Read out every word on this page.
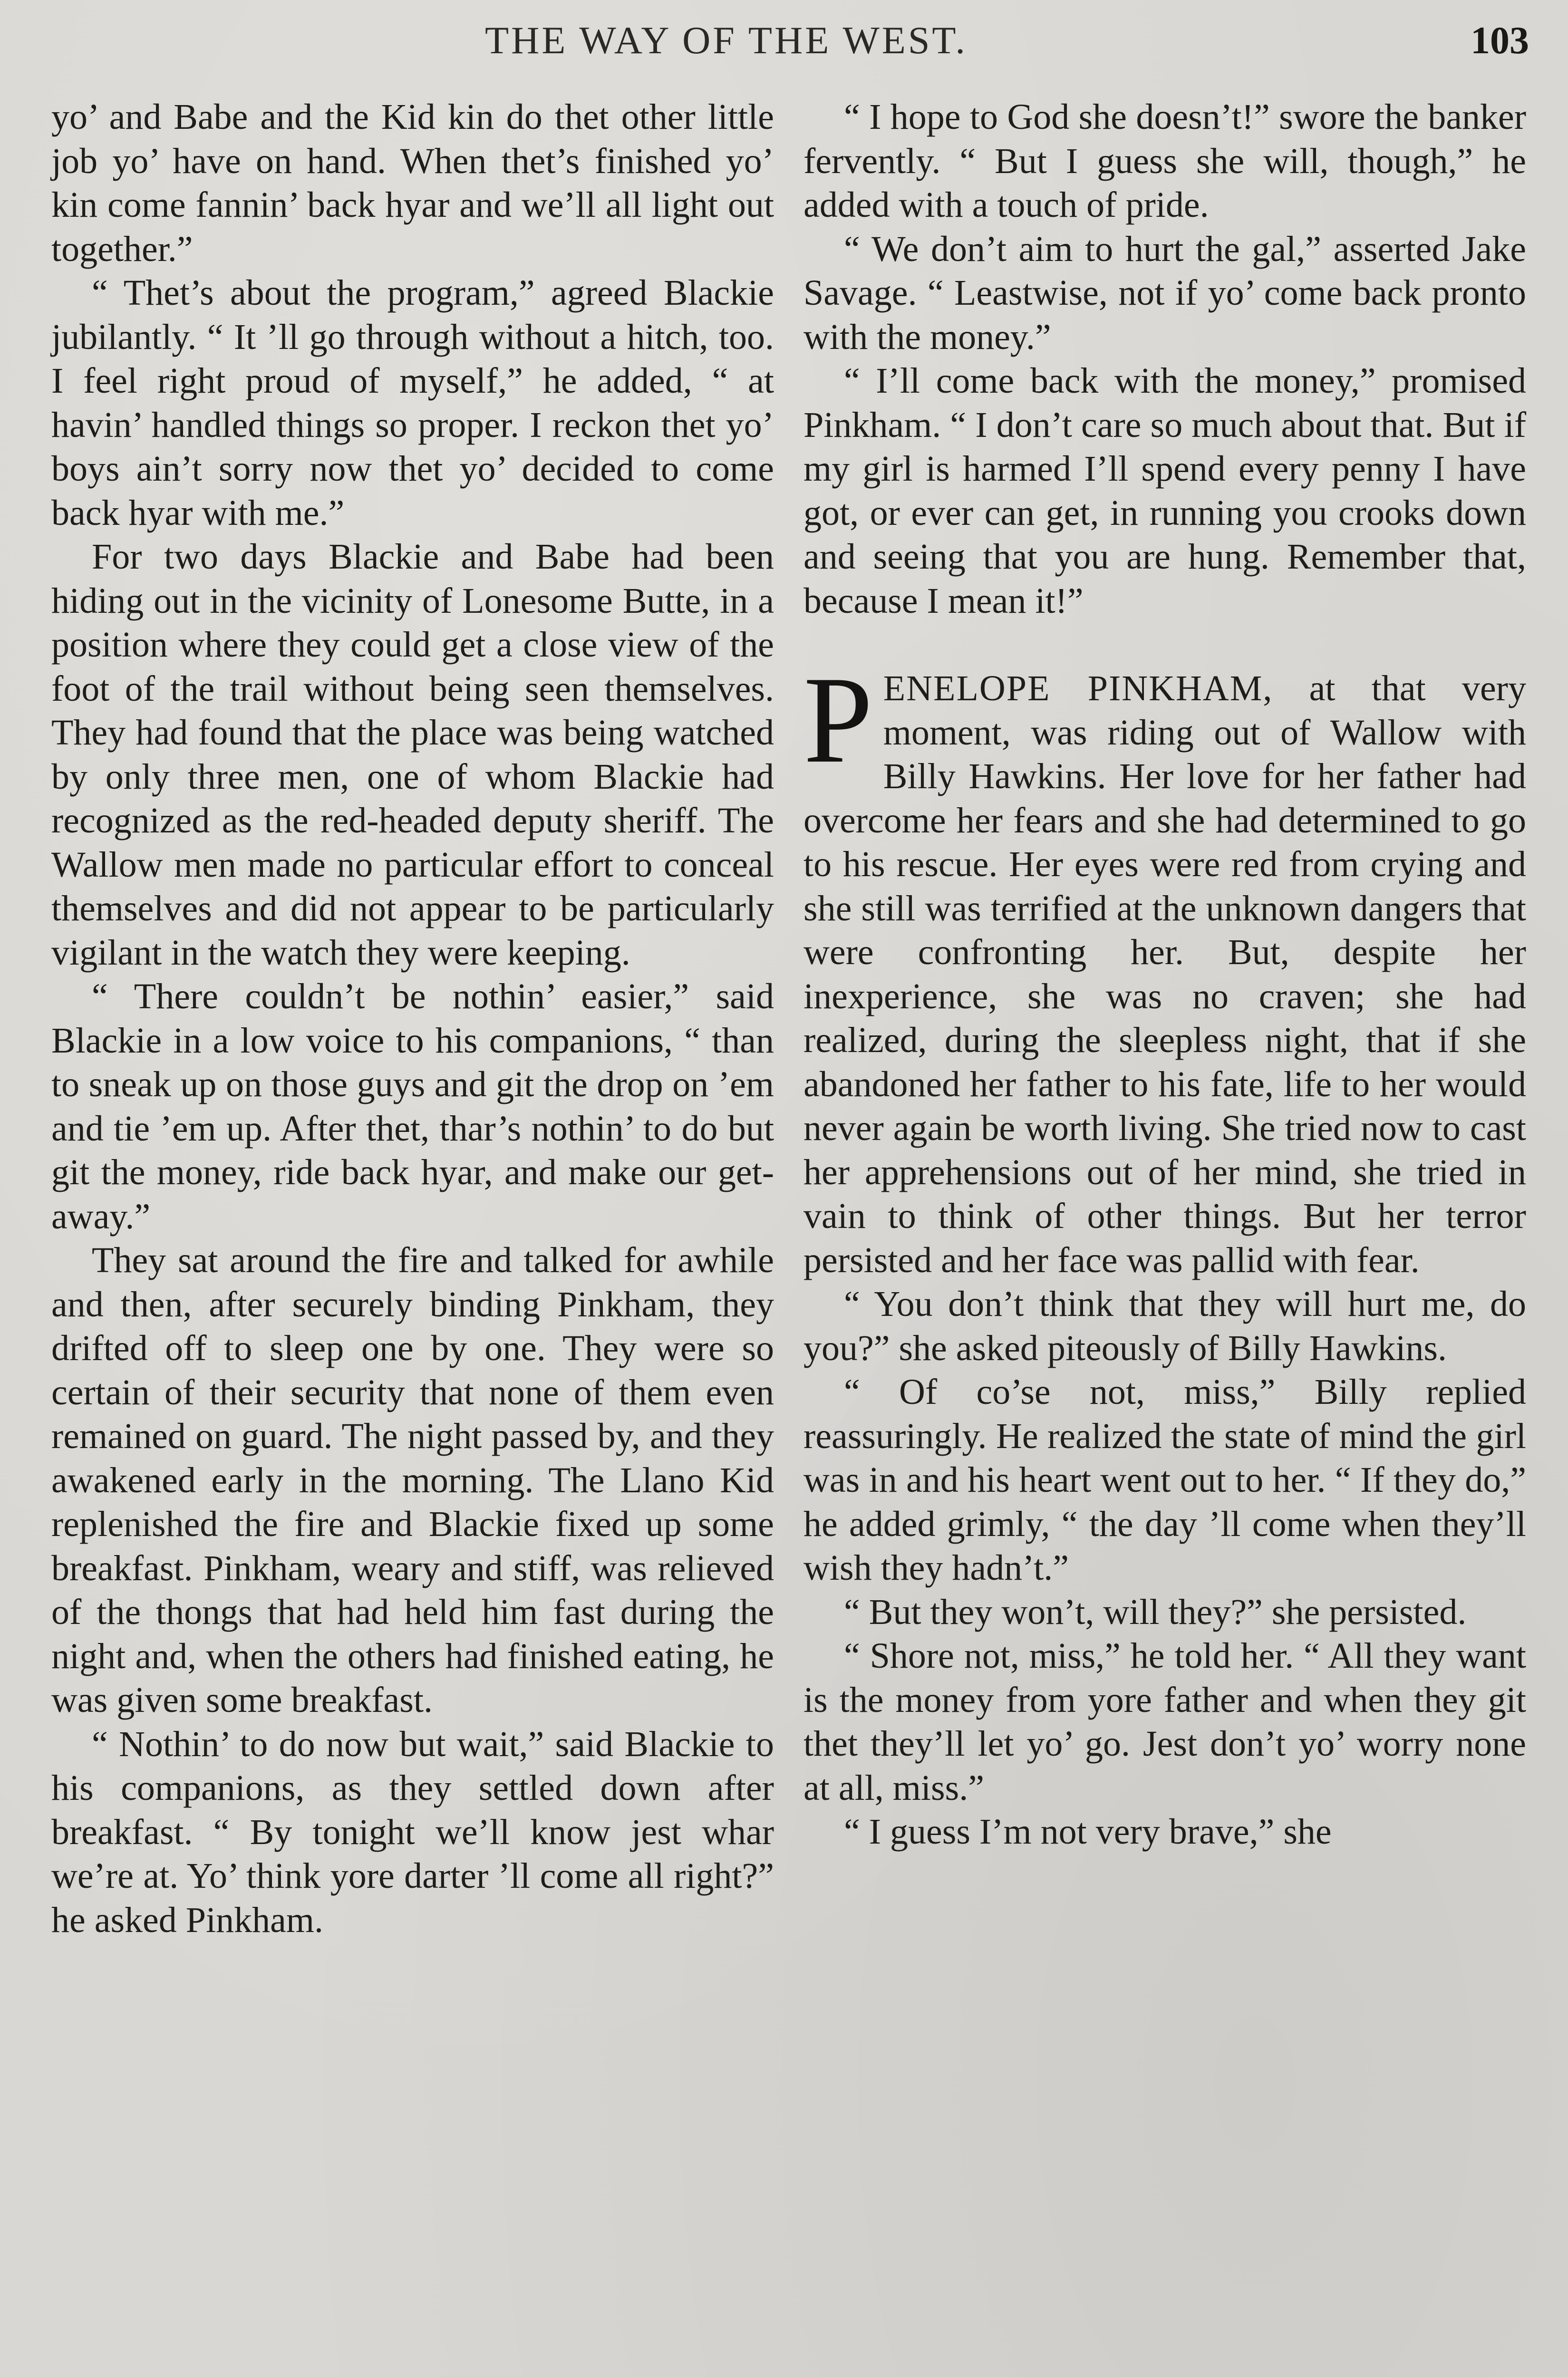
THE WAY OF THE WEST.	103

yo’ and Babe and the Kid kin do thet other little job yo’ have on hand. When thet’s finished yo’ kin come fannin’ back hyar and we’ll all light out together.”

“ Thet’s about the program,” agreed Blackie jubilantly. “ It ’ll go through without a hitch, too. I feel right proud of myself,” he added, “ at havin’ handled things so proper. I reckon thet yo’ boys ain’t sorry now thet yo’ decided to come back hyar with me.”

For two days Blackie and Babe had been hiding out in the vicinity of Lonesome Butte, in a position where they could get a close view of the foot of the trail without being seen themselves. They had found that the place was being watched by only three men, one of whom Blackie had recognized as the red-headed deputy sheriff. The Wallow men made no particular effort to conceal themselves and did not appear to be particularly vigilant in the watch they were keeping.

“ There couldn’t be nothin’ easier,” said Blackie in a low voice to his companions, “ than to sneak up on those guys and git the drop on ’em and tie ’em up. After thet, thar’s nothin’ to do but git the money, ride back hyar, and make our get-away.”

They sat around the fire and talked for awhile and then, after securely binding Pinkham, they drifted off to sleep one by one. They were so certain of their security that none of them even remained on guard. The night passed by, and they awakened early in the morning. The Llano Kid replenished the fire and Blackie fixed up some breakfast. Pinkham, weary and stiff, was relieved of the thongs that had held him fast during the night and, when the others had finished eating, he was given some breakfast.

“ Nothin’ to do now but wait,” said Blackie to his companions, as they settled down after breakfast. “ By tonight we’ll know jest whar we’re at. Yo’ think yore darter ’ll come all right?” he asked Pinkham.

“ I hope to God she doesn’t!” swore the banker fervently. “ But I guess she will, though,” he added with a touch of pride.

“ We don’t aim to hurt the gal,” asserted Jake Savage. “ Leastwise, not if yo’ come back pronto with the money.”

“ I’ll come back with the money,” promised Pinkham. “ I don’t care so much about that. But if my girl is harmed I’ll spend every penny I have got, or ever can get, in running you crooks down and seeing that you are hung. Remember that, because I mean it!”

PENELOPE PINKHAM, at that very moment, was riding out of Wallow with Billy Hawkins. Her love for her father had overcome her fears and she had determined to go to his rescue. Her eyes were red from crying and she still was terrified at the unknown dangers that were confronting her. But, despite her inexperience, she was no craven; she had realized, during the sleepless night, that if she abandoned her father to his fate, life to her would never again be worth living. She tried now to cast her apprehensions out of her mind, she tried in vain to think of other things. But her terror persisted and her face was pallid with fear.

“ You don’t think that they will hurt me, do you?” she asked piteously of Billy Hawkins.

“ Of co’se not, miss,” Billy replied reassuringly. He realized the state of mind the girl was in and his heart went out to her. “ If they do,” he added grimly, “ the day ’ll come when they’ll wish they hadn’t.”

“ But they won’t, will they?” she persisted.

“ Shore not, miss,” he told her. “ All they want is the money from yore father and when they git thet they’ll let yo’ go. Jest don’t yo’ worry none at all, miss.”

“ I guess I’m not very brave,” she
